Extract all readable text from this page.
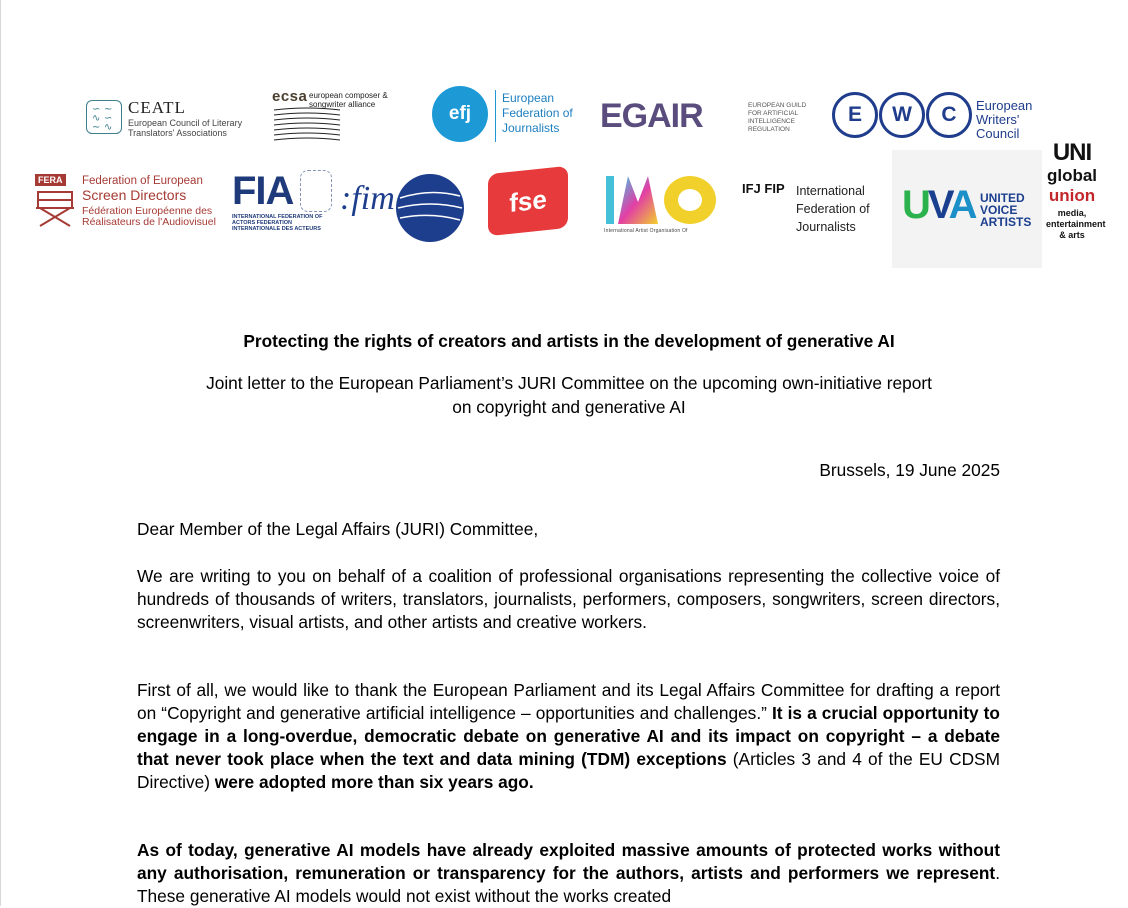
∽ ∼
∿ ∽
∼ ∿
CEATL
European Council of Literary Translators' Associations
ecsa european composer & songwriter alliance	efj
European Federation of Journalists	EGAIR	EUROPEAN GUILD FOR ARTIFICIAL INTELLIGENCE REGULATION
E	W	C	European Writers' Council
FERA Federation of European
Screen Directors
Fédération Européenne des Réalisateurs de l'Audiovisuel
FIA
INTERNATIONAL FEDERATION OF ACTORS FEDERATION INTERNATIONALE DES ACTEURS
:fim	fse
International Artist Organisation Of
IFJ FIP International Federation of Journalists	UVA UNITED VOICE ARTISTS
UNI
global
union
media, entertainment & arts
Protecting the rights of creators and artists in the development of generative AI
Joint letter to the European Parliament’s JURI Committee on the upcoming own-initiative report
on copyright and generative AI
Brussels, 19 June 2025
Dear Member of the Legal Affairs (JURI) Committee,
We are writing to you on behalf of a coalition of professional organisations representing the collective voice of hundreds of thousands of writers, translators, journalists, performers, composers, songwriters, screen directors, screenwriters, visual artists, and other artists and creative workers.
First of all, we would like to thank the European Parliament and its Legal Affairs Committee for drafting a report on “Copyright and generative artificial intelligence – opportunities and challenges.” It is a crucial opportunity to engage in a long-overdue, democratic debate on generative AI and its impact on copyright – a debate that never took place when the text and data mining (TDM) exceptions (Articles 3 and 4 of the EU CDSM Directive) were adopted more than six years ago.
As of today, generative AI models have already exploited massive amounts of protected works without any authorisation, remuneration or transparency for the authors, artists and performers we represent. These generative AI models would not exist without the works created
